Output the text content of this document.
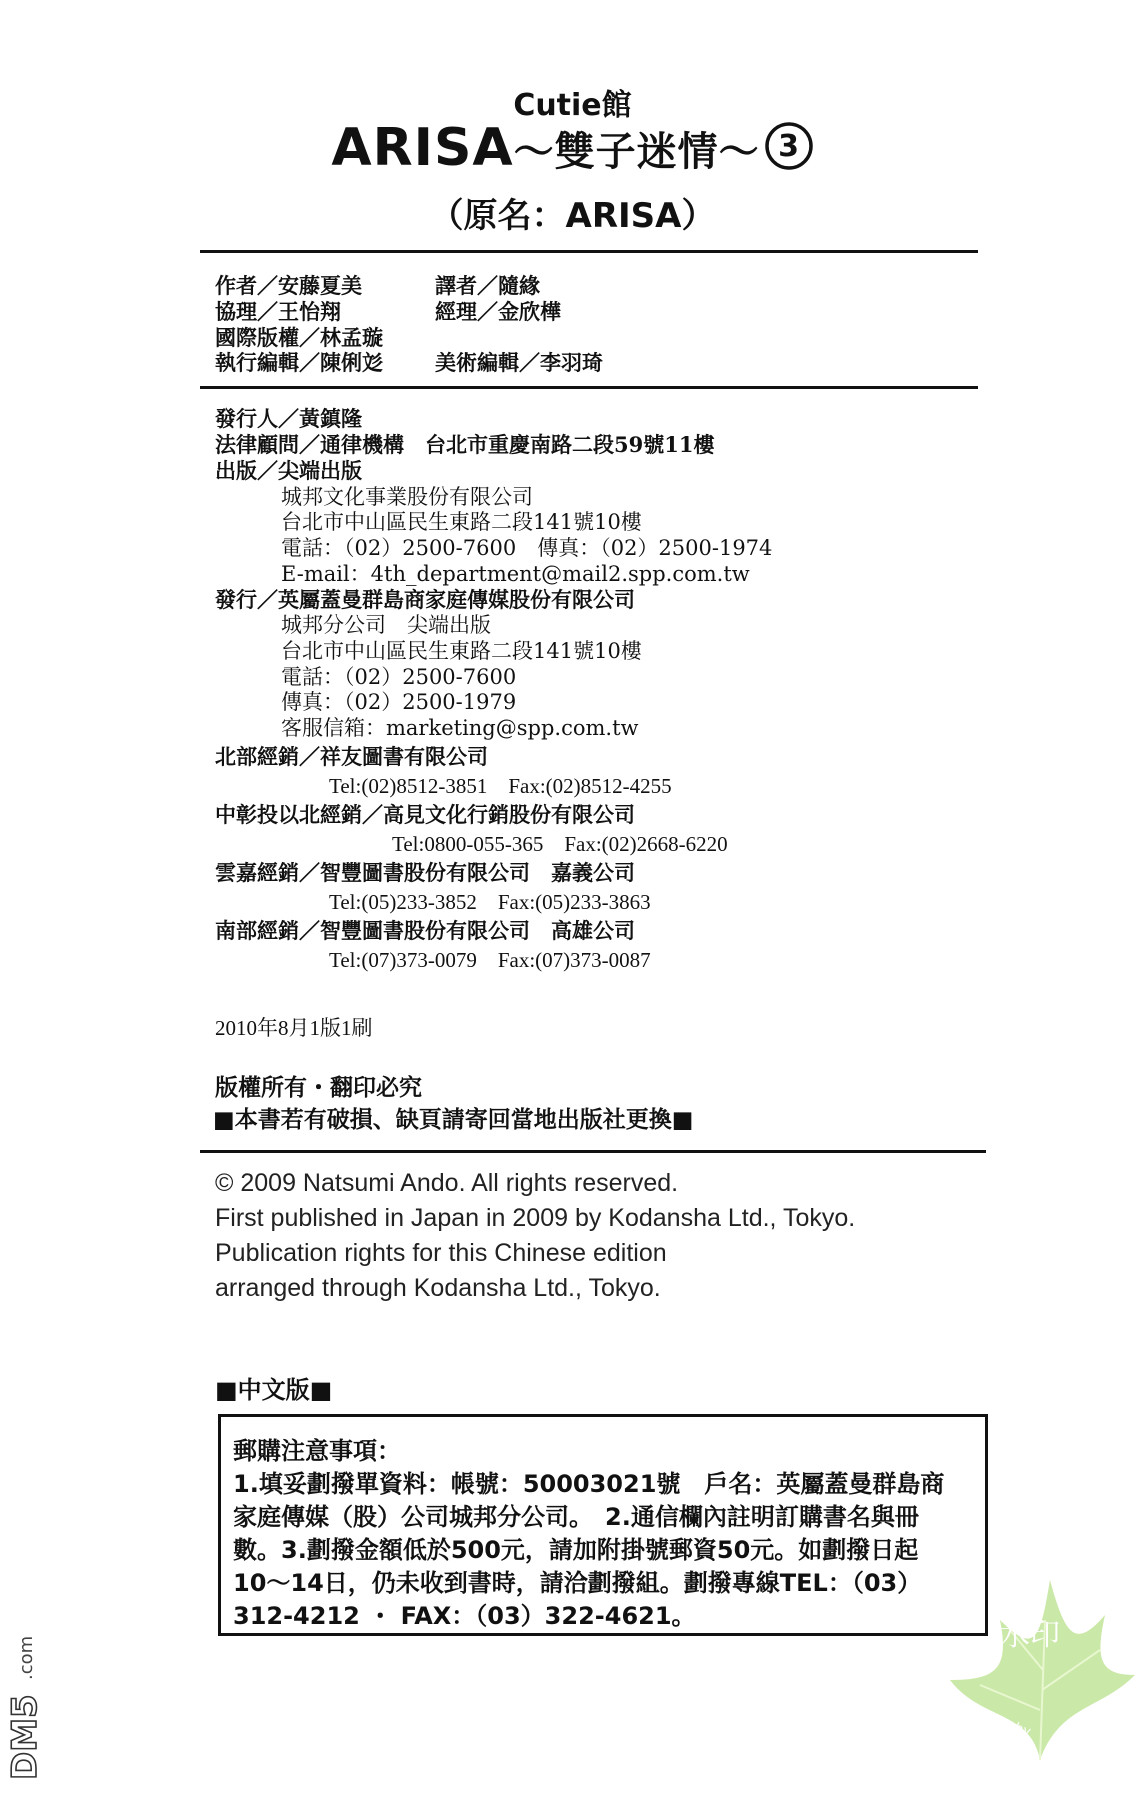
Cutie館
ARISA〜雙子迷情〜 3
（原名：ARISA）
作者／安藤夏美	譯者／隨緣
協理／王怡翔	經理／金欣樺
國際版權／林孟璇
執行編輯／陳俐彣 美術編輯／李羽琦
發行人／黃鎮隆
法律顧問／通律機構　台北市重慶南路二段59號11樓
出版／尖端出版
城邦文化事業股份有限公司
台北市中山區民生東路二段141號10樓
電話：（02）2500-7600　傳真：（02）2500-1974
E-mail：4th_department@mail2.spp.com.tw
發行／英屬蓋曼群島商家庭傳媒股份有限公司
城邦分公司　尖端出版
台北市中山區民生東路二段141號10樓
電話：（02）2500-7600
傳真：（02）2500-1979
客服信箱：marketing@spp.com.tw
北部經銷／祥友圖書有限公司
Tel:(02)8512-3851　Fax:(02)8512-4255
中彰投以北經銷／高見文化行銷股份有限公司
Tel:0800-055-365　Fax:(02)2668-6220
雲嘉經銷／智豐圖書股份有限公司　嘉義公司
Tel:(05)233-3852　Fax:(05)233-3863
南部經銷／智豐圖書股份有限公司　高雄公司
Tel:(07)373-0079　Fax:(07)373-0087
2010年8月1版1刷
版權所有・翻印必究
■本書若有破損、缺頁請寄回當地出版社更換■
© 2009 Natsumi Ando. All rights reserved.
First published in Japan in 2009 by Kodansha Ltd., Tokyo.
Publication rights for this Chinese edition
arranged through Kodansha Ltd., Tokyo.
■中文版■
郵購注意事項：
1.填妥劃撥單資料：帳號：50003021號　戶名：英屬蓋曼群島商
家庭傳媒（股）公司城邦分公司。　2.通信欄內註明訂購書名與冊
數。3.劃撥金額低於500元，請加附掛號郵資50元。如劃撥日起
10〜14日，仍未收到書時，請洽劃撥組。劃撥專線TEL：（03）
312-4212 ・ FAX：（03）322-4621。
DM5
.com
水印
Scan by
